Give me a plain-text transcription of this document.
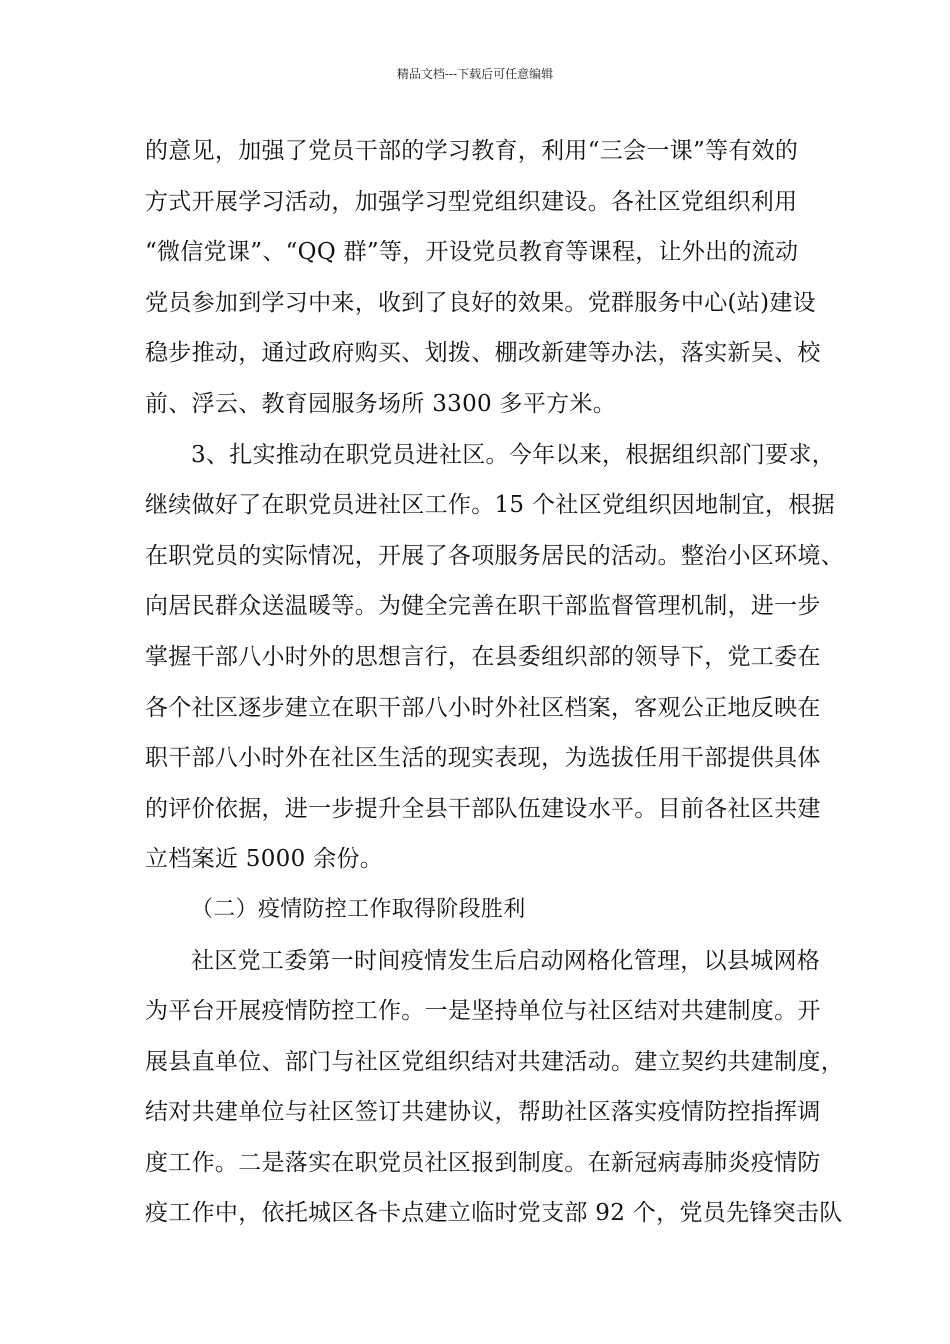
精品文档---下载后可任意编辑
的意见，加强了党员干部的学习教育，利用“三会一课”等有效的
方式开展学习活动，加强学习型党组织建设。各社区党组织利用
“微信党课”、“QQ 群”等，开设党员教育等课程，让外出的流动
党员参加到学习中来，收到了良好的效果。党群服务中心(站)建设
稳步推动，通过政府购买、划拨、棚改新建等办法，落实新吴、校
前、浮云、教育园服务场所 3300 多平方米。
3、扎实推动在职党员进社区。今年以来，根据组织部门要求，
继续做好了在职党员进社区工作。15 个社区党组织因地制宜，根据
在职党员的实际情况，开展了各项服务居民的活动。整治小区环境、
向居民群众送温暖等。为健全完善在职干部监督管理机制，进一步
掌握干部八小时外的思想言行，在县委组织部的领导下，党工委在
各个社区逐步建立在职干部八小时外社区档案，客观公正地反映在
职干部八小时外在社区生活的现实表现，为选拔任用干部提供具体
的评价依据，进一步提升全县干部队伍建设水平。目前各社区共建
立档案近 5000 余份。
（二）疫情防控工作取得阶段胜利
社区党工委第一时间疫情发生后启动网格化管理，以县城网格
为平台开展疫情防控工作。一是坚持单位与社区结对共建制度。开
展县直单位、部门与社区党组织结对共建活动。建立契约共建制度，
结对共建单位与社区签订共建协议，帮助社区落实疫情防控指挥调
度工作。二是落实在职党员社区报到制度。在新冠病毒肺炎疫情防
疫工作中，依托城区各卡点建立临时党支部 92 个，党员先锋突击队
